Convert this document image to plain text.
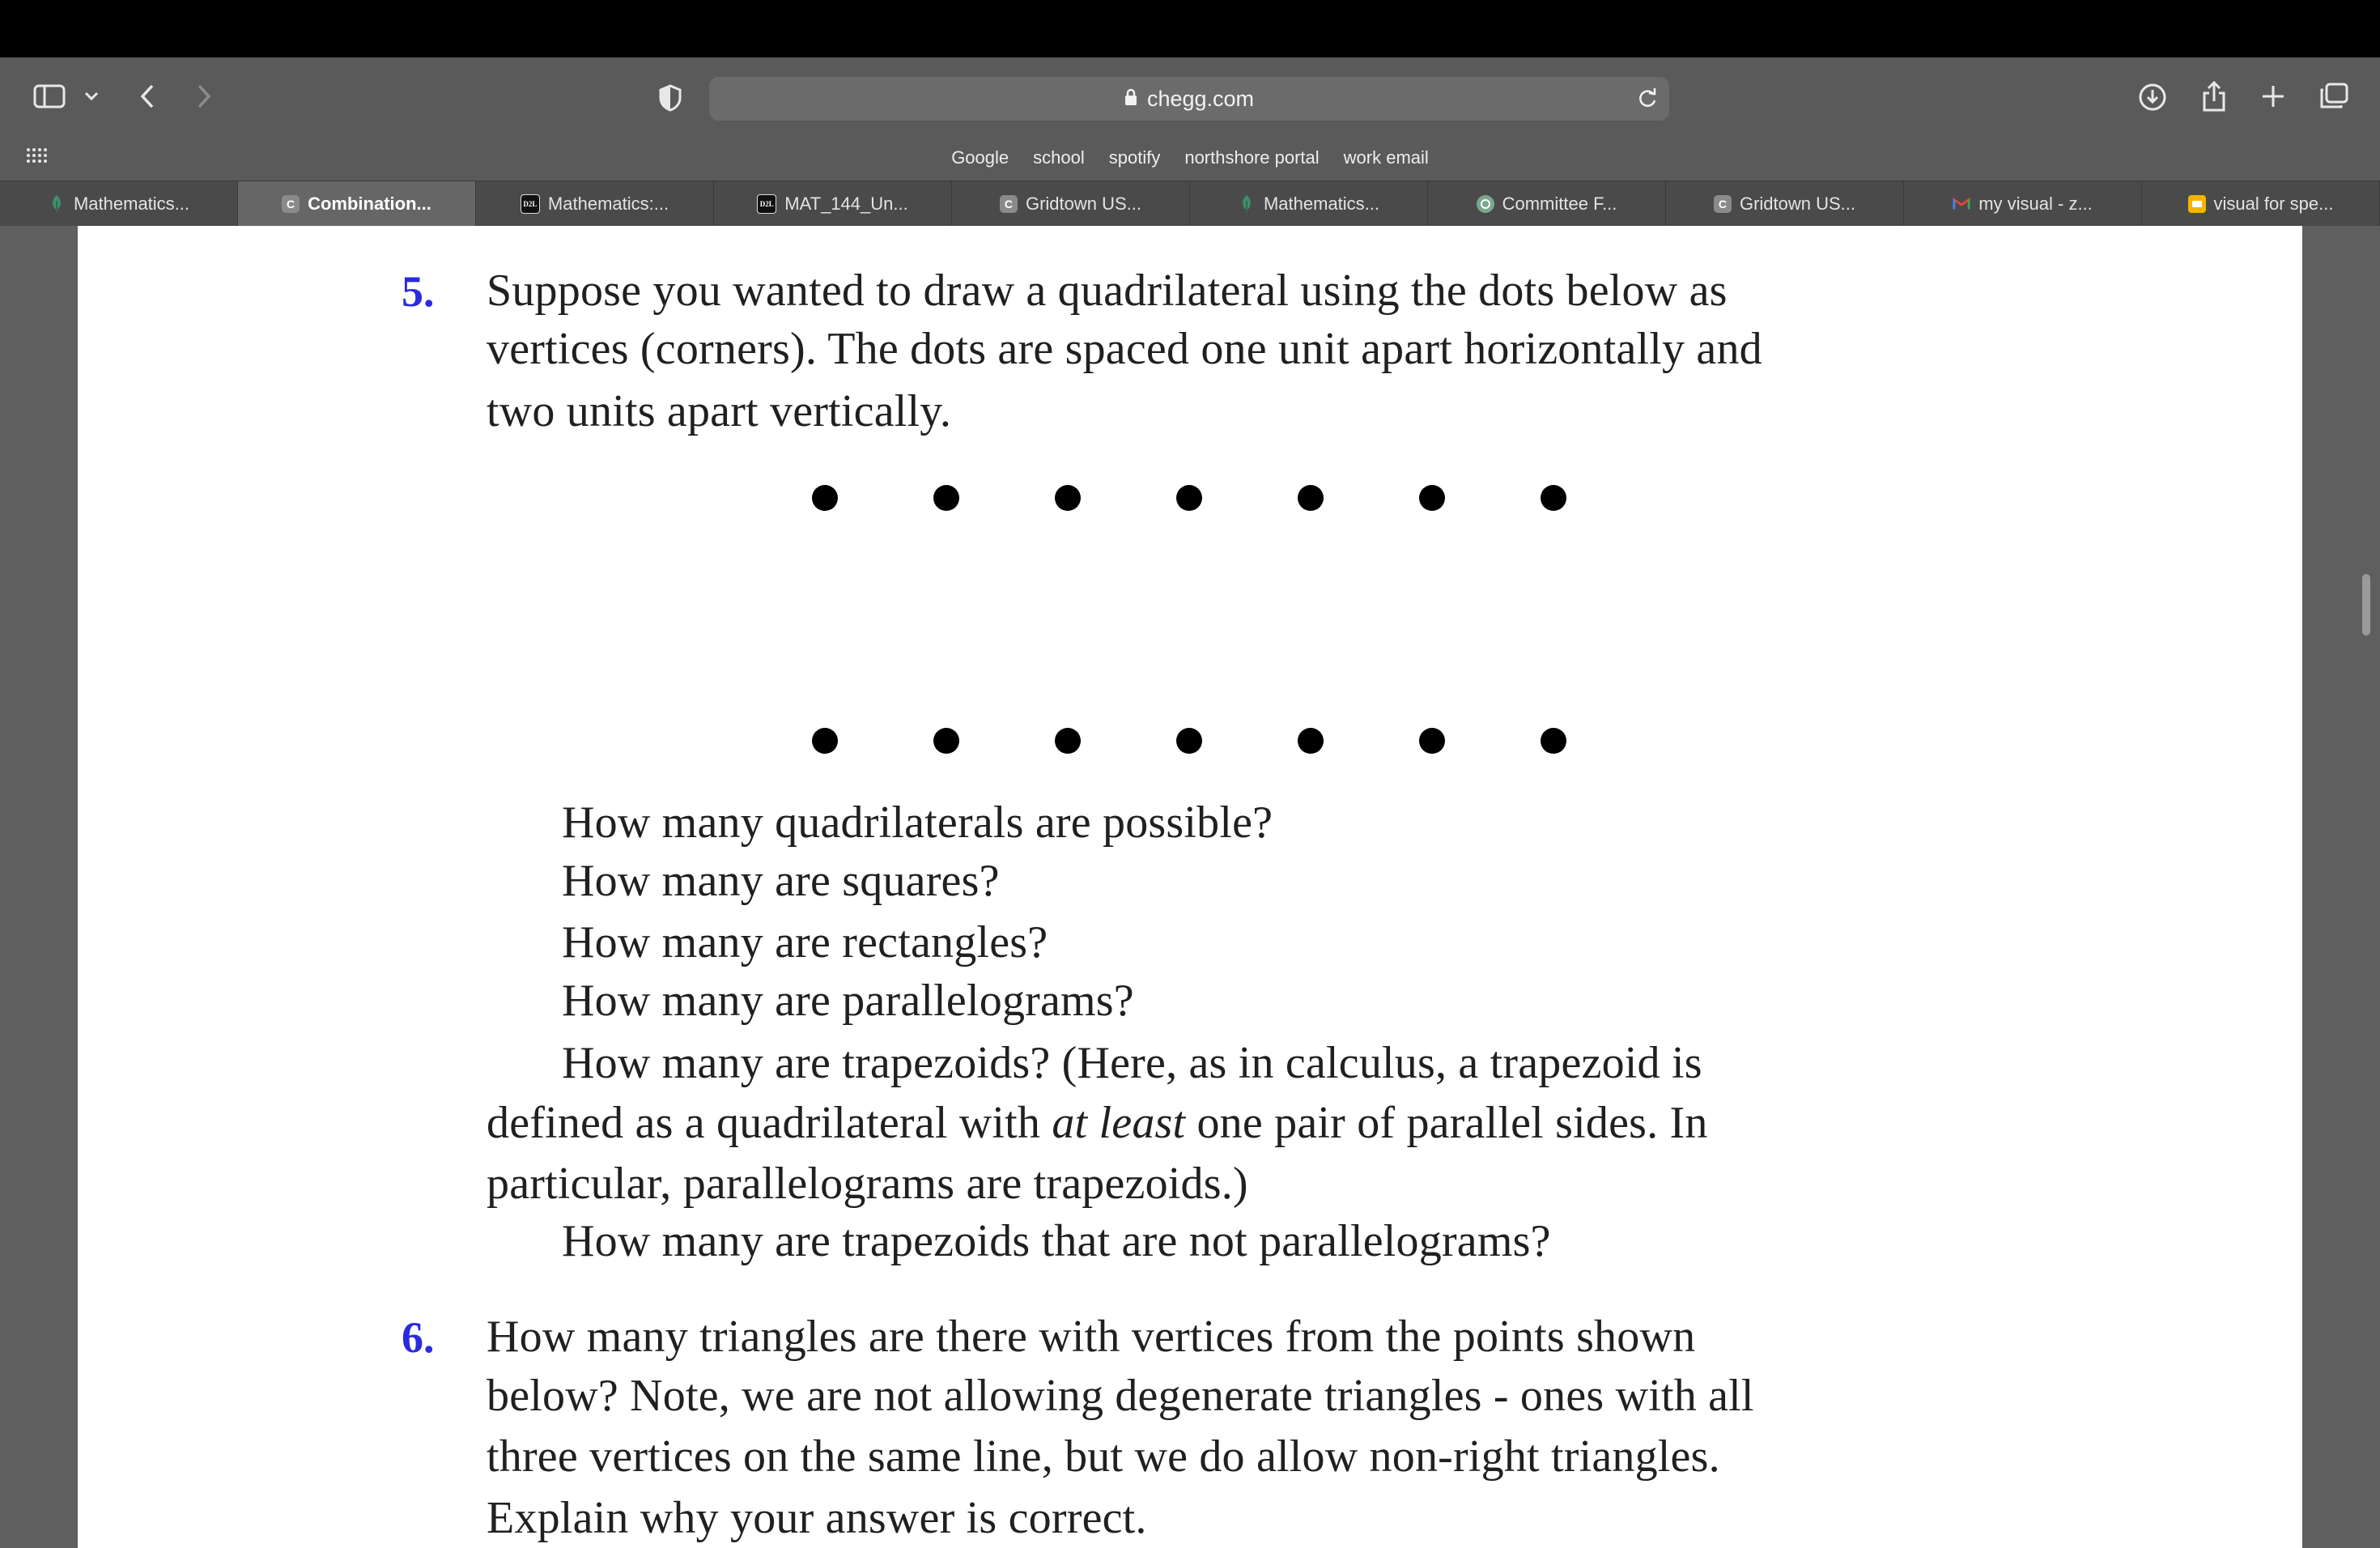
chegg.com
Google school spotify northshore portal work email
Mathematics...	C Combination...	D2L Mathematics:...	D2L MAT_144_Un...	C Gridtown US...	Mathematics...	Committee F...	C Gridtown US...	my visual - z...	visual for spe...
5. Suppose you wanted to draw a quadrilateral using the dots below as
vertices (corners). The dots are spaced one unit apart horizontally and
two units apart vertically.
How many quadrilaterals are possible?
How many are squares?
How many are rectangles?
How many are parallelograms?
How many are trapezoids? (Here, as in calculus, a trapezoid is
defined as a quadrilateral with at least one pair of parallel sides. In
particular, parallelograms are trapezoids.)
How many are trapezoids that are not parallelograms?
6. How many triangles are there with vertices from the points shown
below? Note, we are not allowing degenerate triangles - ones with all
three vertices on the same line, but we do allow non-right triangles.
Explain why your answer is correct.
